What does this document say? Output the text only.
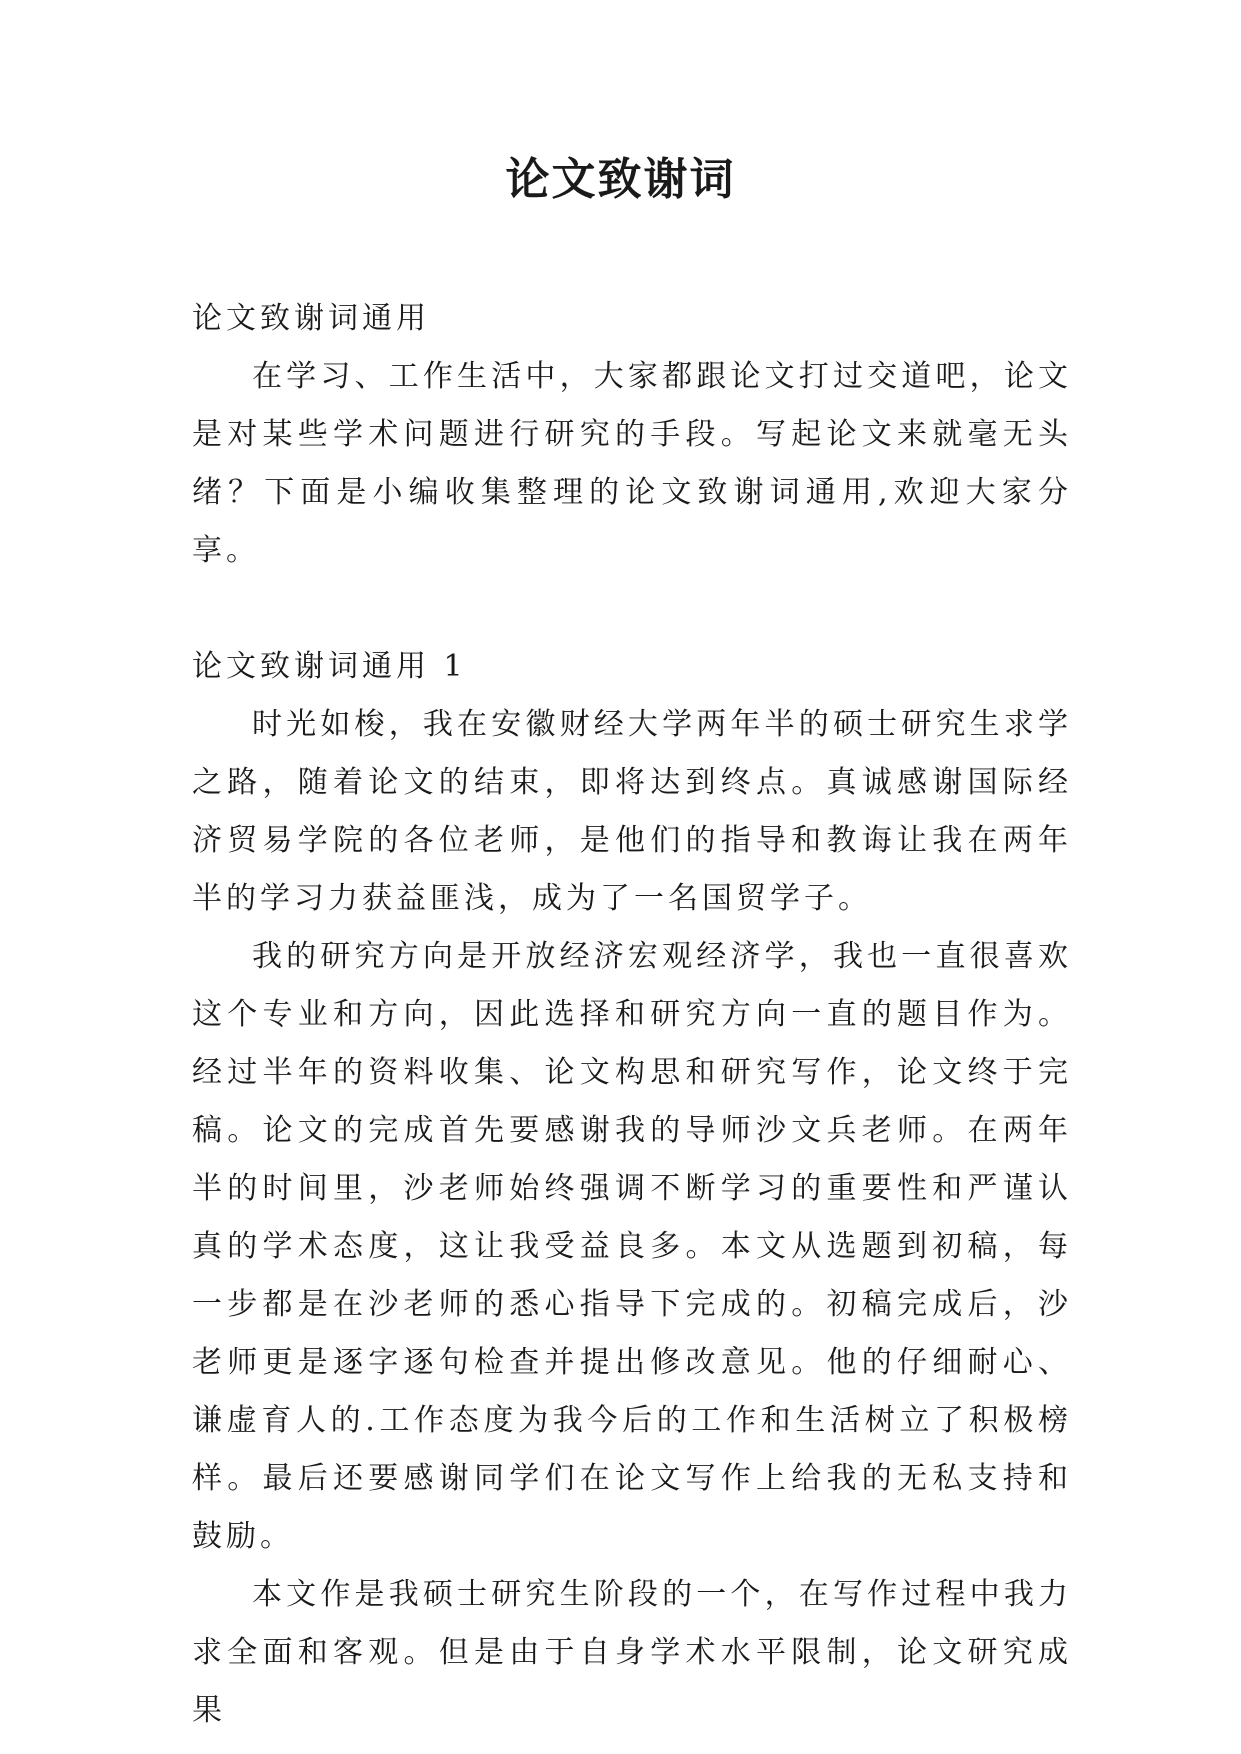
论文致谢词

论文致谢词通用

在学习、工作生活中，大家都跟论文打过交道吧，论文是对某些学术问题进行研究的手段。写起论文来就毫无头绪？下面是小编收集整理的论文致谢词通用,欢迎大家分享。

论文致谢词通用 1

时光如梭，我在安徽财经大学两年半的硕士研究生求学之路，随着论文的结束，即将达到终点。真诚感谢国际经济贸易学院的各位老师，是他们的指导和教诲让我在两年半的学习力获益匪浅，成为了一名国贸学子。

我的研究方向是开放经济宏观经济学，我也一直很喜欢这个专业和方向，因此选择和研究方向一直的题目作为。经过半年的资料收集、论文构思和研究写作，论文终于完稿。论文的完成首先要感谢我的导师沙文兵老师。在两年半的时间里，沙老师始终强调不断学习的重要性和严谨认真的学术态度，这让我受益良多。本文从选题到初稿，每一步都是在沙老师的悉心指导下完成的。初稿完成后，沙老师更是逐字逐句检查并提出修改意见。他的仔细耐心、谦虚育人的.工作态度为我今后的工作和生活树立了积极榜样。最后还要感谢同学们在论文写作上给我的无私支持和鼓励。

本文作是我硕士研究生阶段的一个，在写作过程中我力求全面和客观。但是由于自身学术水平限制，论文研究成果
